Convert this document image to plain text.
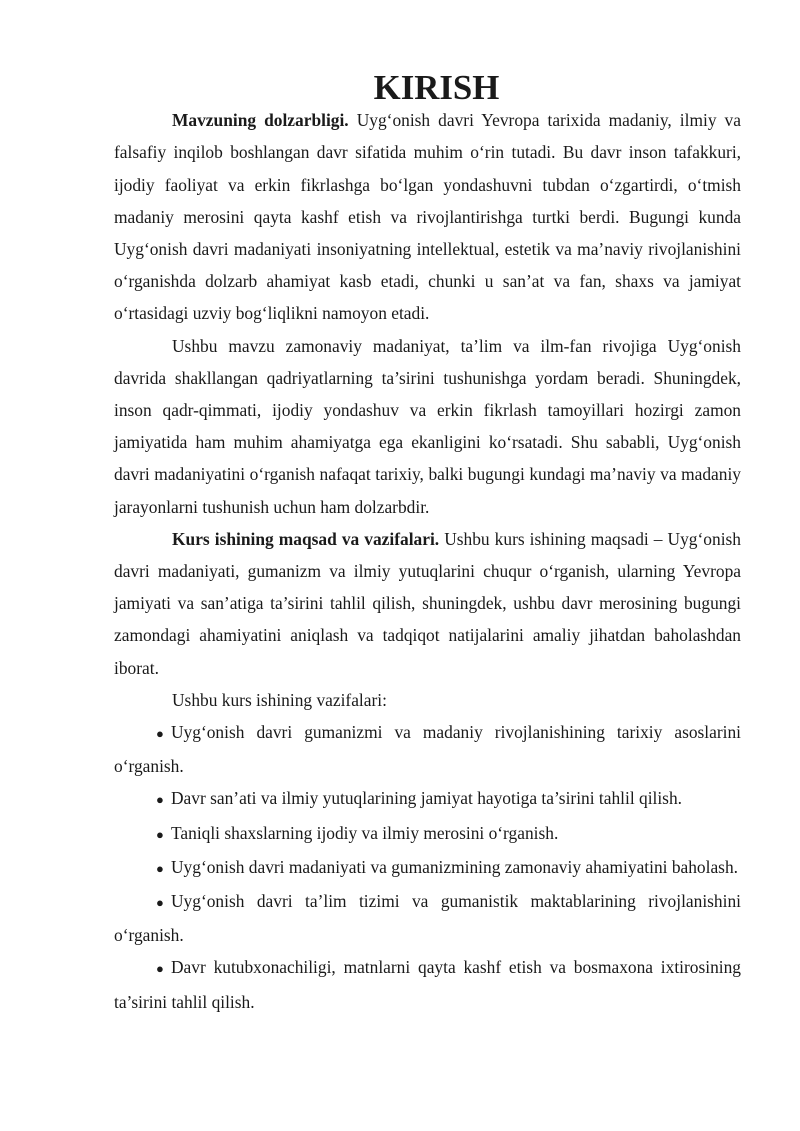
KIRISH

Mavzuning dolzarbligi. Uyg‘onish davri Yevropa tarixida madaniy, ilmiy va falsafiy inqilob boshlangan davr sifatida muhim o‘rin tutadi. Bu davr inson tafakkuri, ijodiy faoliyat va erkin fikrlashga bo‘lgan yondashuvni tubdan o‘zgartirdi, o‘tmish madaniy merosini qayta kashf etish va rivojlantirishga turtki berdi. Bugungi kunda Uyg‘onish davri madaniyati insoniyatning intellektual, estetik va ma’naviy rivojlanishini o‘rganishda dolzarb ahamiyat kasb etadi, chunki u san’at va fan, shaxs va jamiyat o‘rtasidagi uzviy bog‘liqlikni namoyon etadi.

Ushbu mavzu zamonaviy madaniyat, ta’lim va ilm-fan rivojiga Uyg‘onish davrida shakllangan qadriyatlarning ta’sirini tushunishga yordam beradi. Shuningdek, inson qadr-qimmati, ijodiy yondashuv va erkin fikrlash tamoyillari hozirgi zamon jamiyatida ham muhim ahamiyatga ega ekanligini ko‘rsatadi. Shu sababli, Uyg‘onish davri madaniyatini o‘rganish nafaqat tarixiy, balki bugungi kundagi ma’naviy va madaniy jarayonlarni tushunish uchun ham dolzarbdir.

Kurs ishining maqsad va vazifalari. Ushbu kurs ishining maqsadi – Uyg‘onish davri madaniyati, gumanizm va ilmiy yutuqlarini chuqur o‘rganish, ularning Yevropa jamiyati va san’atiga ta’sirini tahlil qilish, shuningdek, ushbu davr merosining bugungi zamondagi ahamiyatini aniqlash va tadqiqot natijalarini amaliy jihatdan baholashdan iborat.

Ushbu kurs ishining vazifalari:

● Uyg‘onish davri gumanizmi va madaniy rivojlanishining tarixiy asoslarini o‘rganish.
● Davr san’ati va ilmiy yutuqlarining jamiyat hayotiga ta’sirini tahlil qilish.
● Taniqli shaxslarning ijodiy va ilmiy merosini o‘rganish.
● Uyg‘onish davri madaniyati va gumanizmining zamonaviy ahamiyatini baholash.
● Uyg‘onish davri ta’lim tizimi va gumanistik maktablarining rivojlanishini o‘rganish.
● Davr kutubxonachiligi, matnlarni qayta kashf etish va bosmaxona ixtirosining ta’sirini tahlil qilish.
